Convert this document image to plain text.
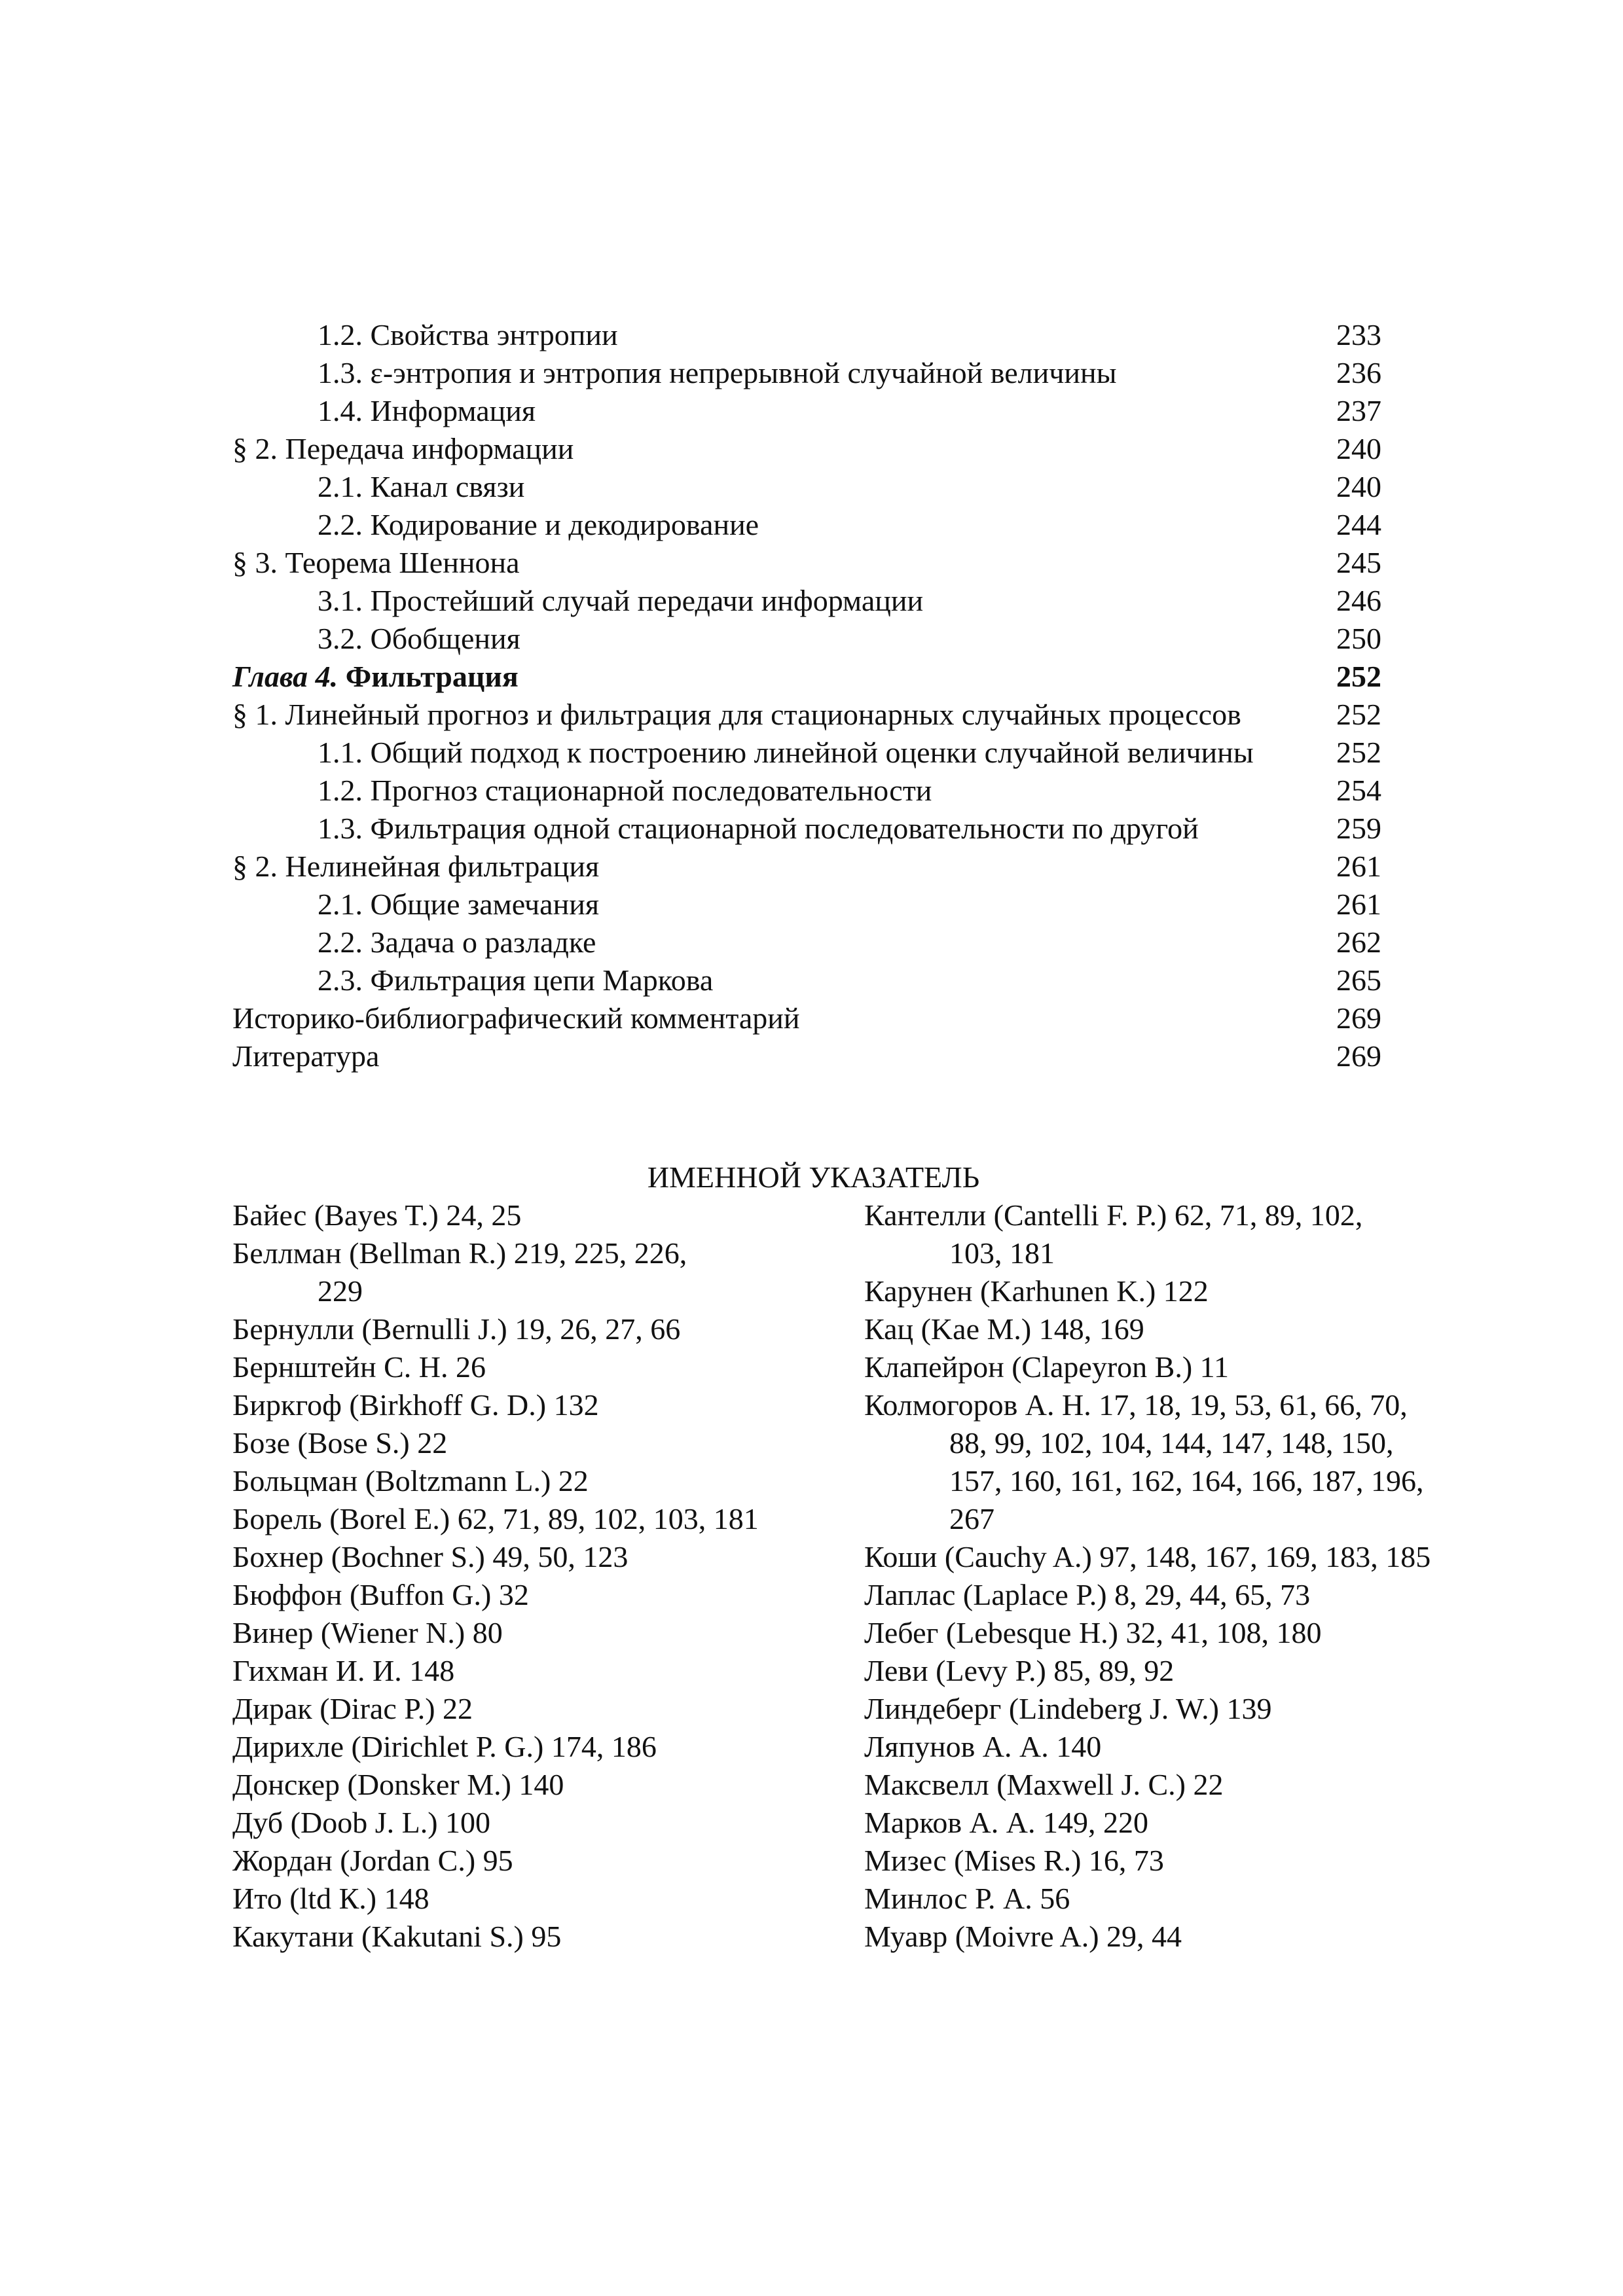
1.2. Свойства энтропии	233
1.3. ε-энтропия и энтропия непрерывной случайной величины	236
1.4. Информация	237
§ 2. Передача информации	240
2.1. Канал связи	240
2.2. Кодирование и декодирование	244
§ 3. Теорема Шеннона	245
3.1. Простейший случай передачи информации	246
3.2. Обобщения	250
Глава 4. Фильтрация	252
§ 1. Линейный прогноз и фильтрация для стационарных случайных процессов	252
1.1. Общий подход к построению линейной оценки случайной величины	252
1.2. Прогноз стационарной последовательности	254
1.3. Фильтрация одной стационарной последовательности по другой	259
§ 2. Нелинейная фильтрация	261
2.1. Общие замечания	261
2.2. Задача о разладке	262
2.3. Фильтрация цепи Маркова	265
Историко-библиографический комментарий	269
Литература	269
ИМЕННОЙ УКАЗАТЕЛЬ
Байес (Bayes T.) 24, 25
Беллман (Bellman R.) 219, 225, 226, 229
Бернулли (Bernulli J.) 19, 26, 27, 66
Бернштейн С. Н. 26
Биркгоф (Birkhoff G. D.) 132
Бозе (Bose S.) 22
Больцман (Boltzmann L.) 22
Борель (Borel E.) 62, 71, 89, 102, 103, 181
Бохнер (Bochner S.) 49, 50, 123
Бюффон (Buffon G.) 32
Винер (Wiener N.) 80
Гихман И. И. 148
Дирак (Dirac P.) 22
Дирихле (Dirichlet P. G.) 174, 186
Донскер (Donsker M.) 140
Дуб (Doob J. L.) 100
Жордан (Jordan C.) 95
Ито (ltd К.) 148
Какутани (Kakutani S.) 95
Кантелли (Cantelli F. P.) 62, 71, 89, 102, 103, 181
Карунен (Karhunen K.) 122
Кац (Kae M.) 148, 169
Клапейрон (Clapeyron B.) 11
Колмогоров А. Н. 17, 18, 19, 53, 61, 66, 70, 88, 99, 102, 104, 144, 147, 148, 150, 157, 160, 161, 162, 164, 166, 187, 196, 267
Коши (Cauchy A.) 97, 148, 167, 169, 183, 185
Лаплас (Laplace P.) 8, 29, 44, 65, 73
Лебег (Lebesque H.) 32, 41, 108, 180
Леви (Levy P.) 85, 89, 92
Линдеберг (Lindeberg J. W.) 139
Ляпунов А. А. 140
Максвелл (Maxwell J. C.) 22
Марков А. А. 149, 220
Мизес (Mises R.) 16, 73
Минлос Р. А. 56
Муавр (Moivre A.) 29, 44
